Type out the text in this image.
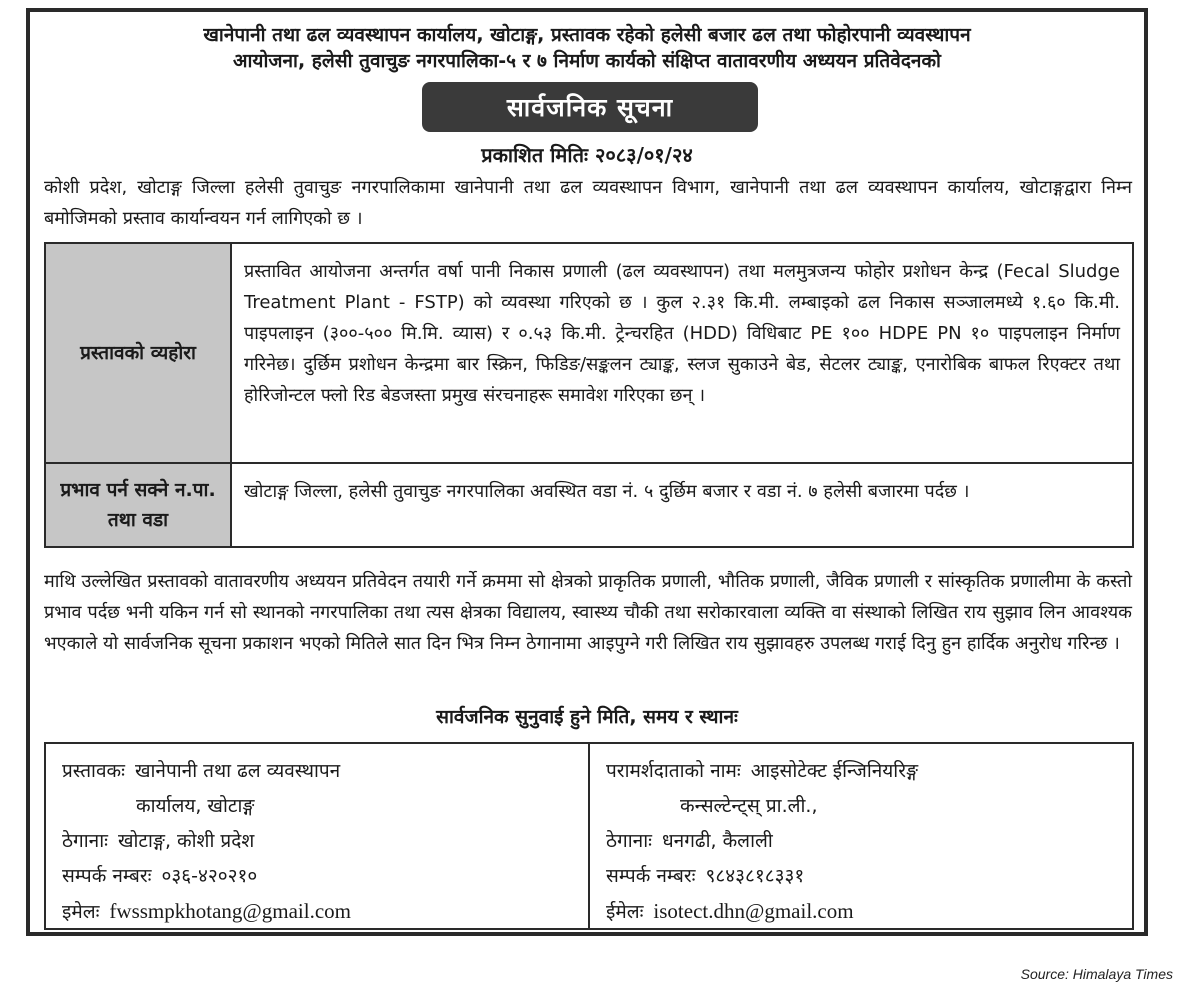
खानेपानी तथा ढल व्यवस्थापन कार्यालय, खोटाङ्ग, प्रस्तावक रहेको हलेसी बजार ढल तथा फोहोरपानी व्यवस्थापन

आयोजना, हलेसी तुवाचुङ नगरपालिका-५ र ७ निर्माण कार्यको संक्षिप्त वातावरणीय अध्ययन प्रतिवेदनको

सार्वजनिक सूचना
प्रकाशित मितिः २०८३/०१/२४

कोशी प्रदेश, खोटाङ्ग जिल्ला हलेसी तुवाचुङ नगरपालिकामा खानेपानी तथा ढल व्यवस्थापन विभाग, खानेपानी तथा ढल व्यवस्थापन कार्यालय, खोटाङ्गद्वारा निम्न बमोजिमको प्रस्ताव कार्यान्वयन गर्न लागिएको छ ।

प्रस्तावको व्यहोरा
प्रस्तावित आयोजना अन्तर्गत वर्षा पानी निकास प्रणाली (ढल व्यवस्थापन) तथा मलमुत्रजन्य फोहोर प्रशोधन केन्द्र (Fecal Sludge Treatment Plant - FSTP) को व्यवस्था गरिएको छ । कुल २.३१ कि.मी. लम्बाइको ढल निकास सञ्जालमध्ये १.६० कि.मी. पाइपलाइन (३००-५०० मि.मि. व्यास) र ०.५३ कि.मी. ट्रेन्चरहित (HDD) विधिबाट PE १०० HDPE PN १० पाइपलाइन निर्माण गरिनेछ। दुर्छिम प्रशोधन केन्द्रमा बार स्क्रिन, फिडिङ/सङ्कलन ट्याङ्क, स्लज सुकाउने बेड, सेटलर ट्याङ्क, एनारोबिक बाफल रिएक्टर तथा होरिजोन्टल फ्लो रिड बेडजस्ता प्रमुख संरचनाहरू समावेश गरिएका छन् ।
प्रभाव पर्न सक्ने न.पा. तथा वडा
खोटाङ्ग जिल्ला, हलेसी तुवाचुङ नगरपालिका अवस्थित वडा नं. ५ दुर्छिम बजार र वडा नं. ७ हलेसी बजारमा पर्दछ ।

माथि उल्लेखित प्रस्तावको वातावरणीय अध्ययन प्रतिवेदन तयारी गर्ने क्रममा सो क्षेत्रको प्राकृतिक प्रणाली, भौतिक प्रणाली, जैविक प्रणाली र सांस्कृतिक प्रणालीमा के कस्तो प्रभाव पर्दछ भनी यकिन गर्न सो स्थानको नगरपालिका तथा त्यस क्षेत्रका विद्यालय, स्वास्थ्य चौकी तथा सरोकारवाला व्यक्ति वा संस्थाको लिखित राय सुझाव लिन आवश्यक भएकाले यो सार्वजनिक सूचना प्रकाशन भएको मितिले सात दिन भित्र निम्न ठेगानामा आइपुग्ने गरी लिखित राय सुझावहरु उपलब्ध गराई दिनु हुन हार्दिक अनुरोध गरिन्छ ।

सार्वजनिक सुनुवाई हुने मिति, समय र स्थानः
प्रस्तावकः खानेपानी तथा ढल व्यवस्थापन
कार्यालय, खोटाङ्ग
ठेगानाः खोटाङ्ग, कोशी प्रदेश
सम्पर्क नम्बरः ०३६-४२०२१०
इमेलः fwssmpkhotang@gmail.com
परामर्शदाताको नामः आइसोटेक्ट ईन्जिनियरिङ्ग
कन्सल्टेन्ट्स् प्रा.ली.,
ठेगानाः धनगढी, कैलाली
सम्पर्क नम्बरः ९८४३८१८३३१
ईमेलः isotect.dhn@gmail.com
Source: Himalaya Times
